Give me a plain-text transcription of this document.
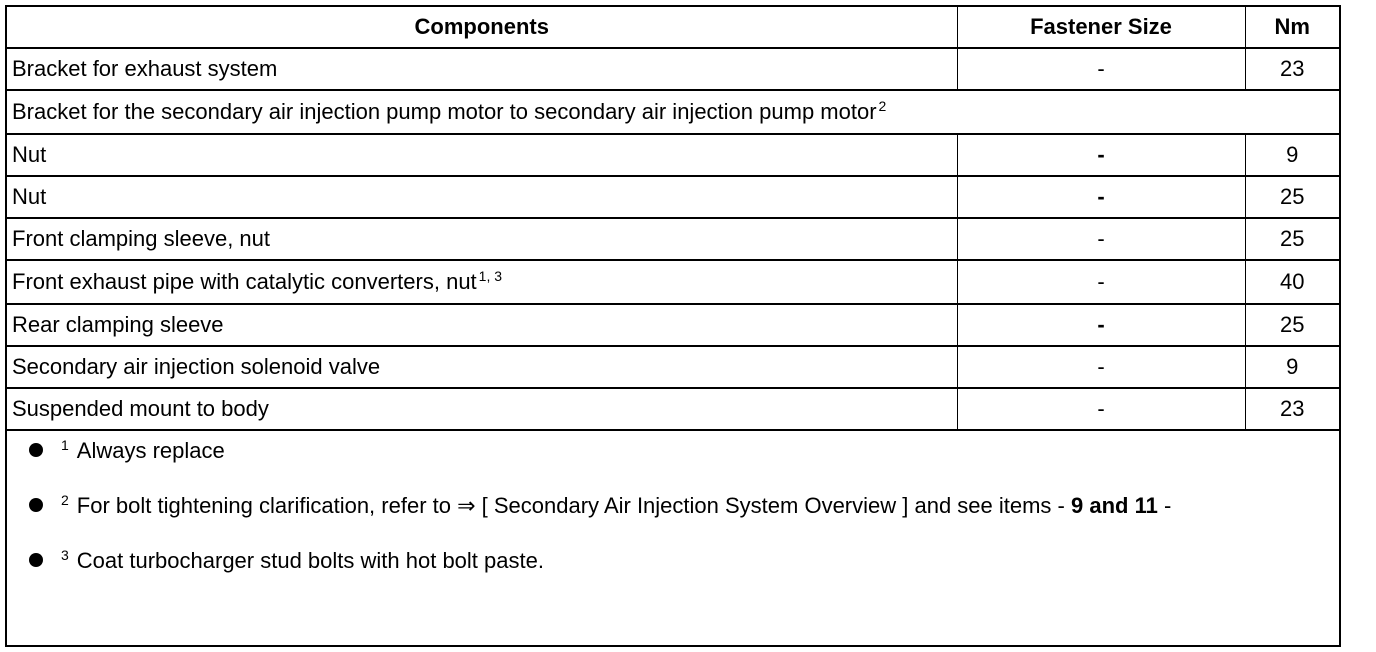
Components	Fastener Size	Nm
Bracket for exhaust system	-	23
Bracket for the secondary air injection pump motor to secondary air injection pump motor $^2$
Nut	-	9
Nut	-	25
Front clamping sleeve, nut	-	25
Front exhaust pipe with catalytic converters, nut $^{1, 3}$	-	40
Rear clamping sleeve	-	25
Secondary air injection solenoid valve	-	9
Suspended mount to body	-	23
$^1$ Always replace
$^2$ For bolt tightening clarification, refer to ⇒ [ Secondary Air Injection System Overview ] and see items - 9 and 11 -
$^3$ Coat turbocharger stud bolts with hot bolt paste.
